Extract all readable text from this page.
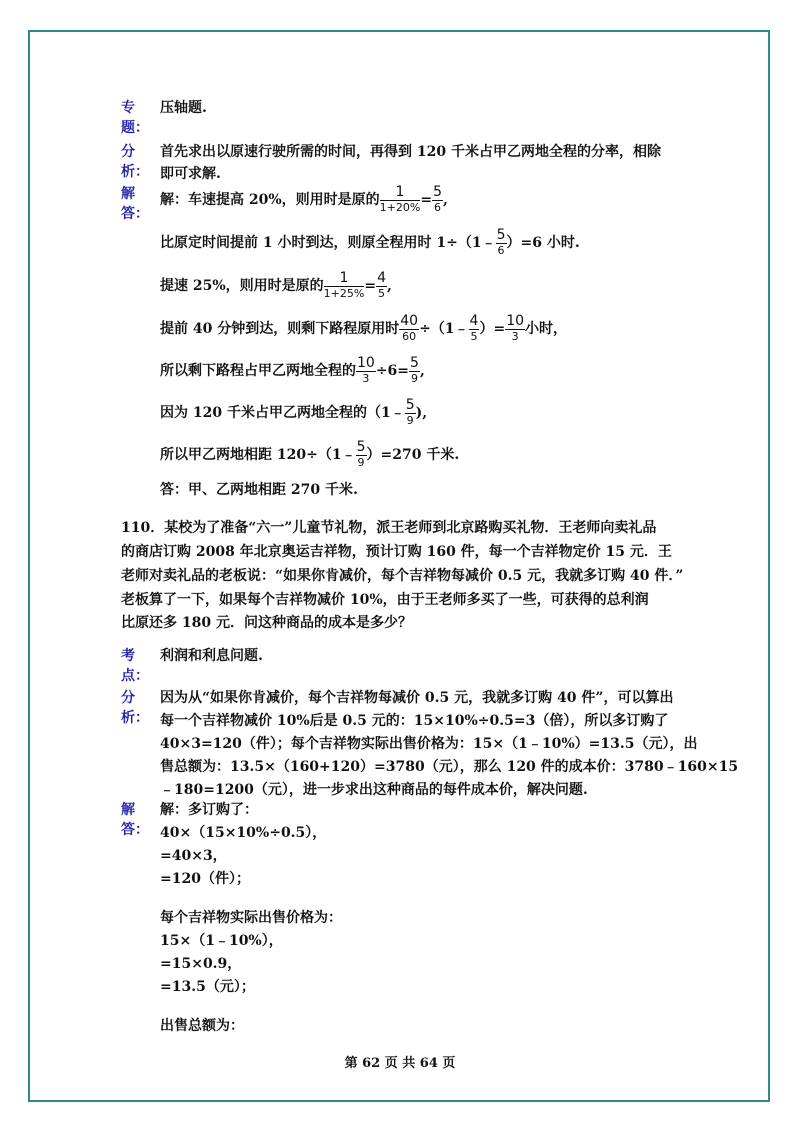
专题：
压轴题.
分析：
首先求出以原速行驶所需的时间，再得到 120 千米占甲乙两地全程的分率，相除
即可求解.
解答：
解：车速提高 20%，则用时是原的 $\frac{1}{1+20\%} = \frac{5}{6}$ ,
比原定时间提前 1 小时到达，则原全程用时 1÷（1﹣ $\frac{5}{6} )=6$ 小时.
提速 25%，则用时是原的 $\frac{1}{1+25\%} = \frac{4}{5}$ ,
提前 40 分钟到达，则剩下路程原用时 $\frac{40}{60}$ ÷（1﹣ $\frac{4}{5}$ ）= $\frac{10}{3}$ 小时，
所以剩下路程占甲乙两地全程的 $\frac{10}{3} \div 6= \frac{5}{9}$ ,
因为 120 千米占甲乙两地全程的（1﹣ $\frac{5}{9}$ ),
所以甲乙两地相距 120÷（1﹣ $\frac{5}{9} )=270$ 千米.
答：甲、乙两地相距 270 千米.
110．某校为了准备“六一”儿童节礼物，派王老师到北京路购买礼物．王老师向卖礼品
的商店订购 2008 年北京奥运吉祥物，预计订购 160 件，每一个吉祥物定价 15 元．王
老师对卖礼品的老板说：“如果你肯减价，每个吉祥物每减价 0.5 元，我就多订购 40 件．”
老板算了一下，如果每个吉祥物减价 10%，由于王老师多买了一些，可获得的总利润
比原还多 180 元．问这种商品的成本是多少？
考点：
利润和利息问题.
分析：
因为从“如果你肯减价，每个吉祥物每减价 0.5 元，我就多订购 40 件”，可以算出
每一个吉祥物减价 10%后是 0.5 元的：15×10%÷0.5=3（倍），所以多订购了
40×3=120（件）；每个吉祥物实际出售价格为：15×（1﹣10%）=13.5（元），出
售总额为：13.5×（160+120）=3780（元），那么 120 件的成本价：3780﹣160×15
﹣180=1200（元），进一步求出这种商品的每件成本价，解决问题.
解答：
解：多订购了：
40×（15×10%÷0.5），
=40×3，
=120（件）；
每个吉祥物实际出售价格为：
15×（1﹣10%），
=15×0.9，
=13.5（元）；
出售总额为：
第 62 页 共 64 页
